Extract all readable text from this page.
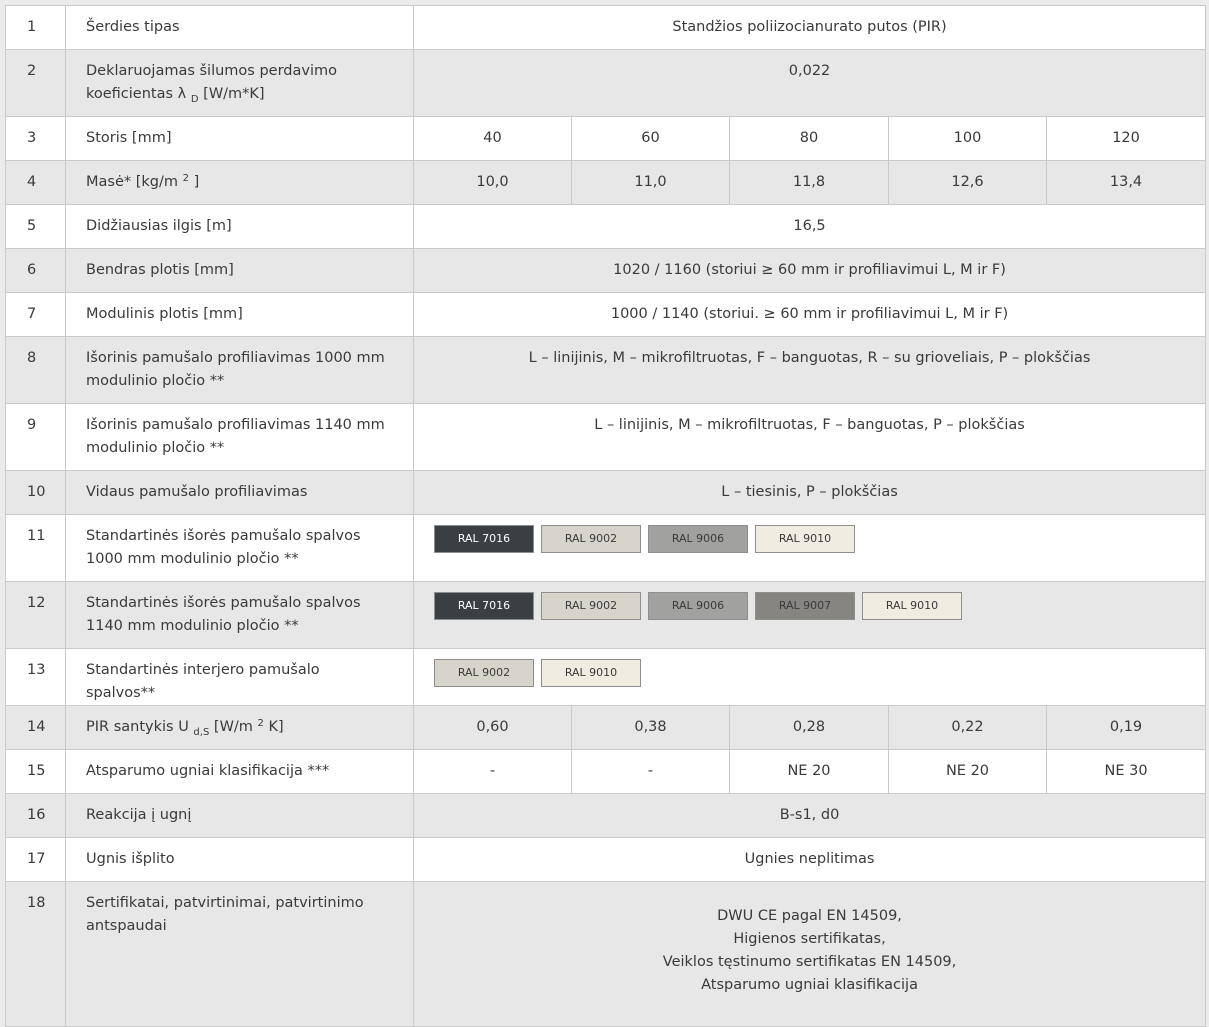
1	Šerdies tipas	Standžios poliizocianurato putos (PIR)				
2	Deklaruojamas šilumos perdavimo koeficientas λ $_D$ [W/m*K]	0,022				
3	Storis [mm]	40	60	80	100	120
4	Masė* [kg/m $^2$ ]	10,0	11,0	11,8	12,6	13,4
5	Didžiausias ilgis [m]	16,5				
6	Bendras plotis [mm]	1020 / 1160 (storiui ≥ 60 mm ir profiliavimui L, M ir F)				
7	Modulinis plotis [mm]	1000 / 1140 (storiui. ≥ 60 mm ir profiliavimui L, M ir F)				
8	Išorinis pamušalo profiliavimas 1000 mm modulinio pločio **	L – linijinis, M – mikrofiltruotas, F – banguotas, R – su grioveliais, P – plokščias				
9	Išorinis pamušalo profiliavimas 1140 mm modulinio pločio **	L – linijinis, M – mikrofiltruotas, F – banguotas, P – plokščias				
10	Vidaus pamušalo profiliavimas	L – tiesinis, P – plokščias				
11	Standartinės išorės pamušalo spalvos 1000 mm modulinio pločio **	RAL 7016 RAL 9002 RAL 9006 RAL 9010				

12	Standartinės išorės pamušalo spalvos 1140 mm modulinio pločio **	RAL 7016 RAL 9002 RAL 9006 RAL 9007 RAL 9010				

13	Standartinės interjero pamušalo spalvos**	RAL 9002 RAL 9010				

14	PIR santykis U $_{d,S}$ [W/m $^2$ K]	0,60	0,38	0,28	0,22	0,19
15	Atsparumo ugniai klasifikacija ***	-	-	NE 20	NE 20	NE 30
16	Reakcija į ugnį	B-s1, d0				
17	Ugnis išplito	Ugnies neplitimas				
18	Sertifikatai, patvirtinimai, patvirtinimo antspaudai	DWU CE pagal EN 14509,
Higienos sertifikatas,
Veiklos tęstinumo sertifikatas EN 14509,
Atsparumo ugniai klasifikacija				
